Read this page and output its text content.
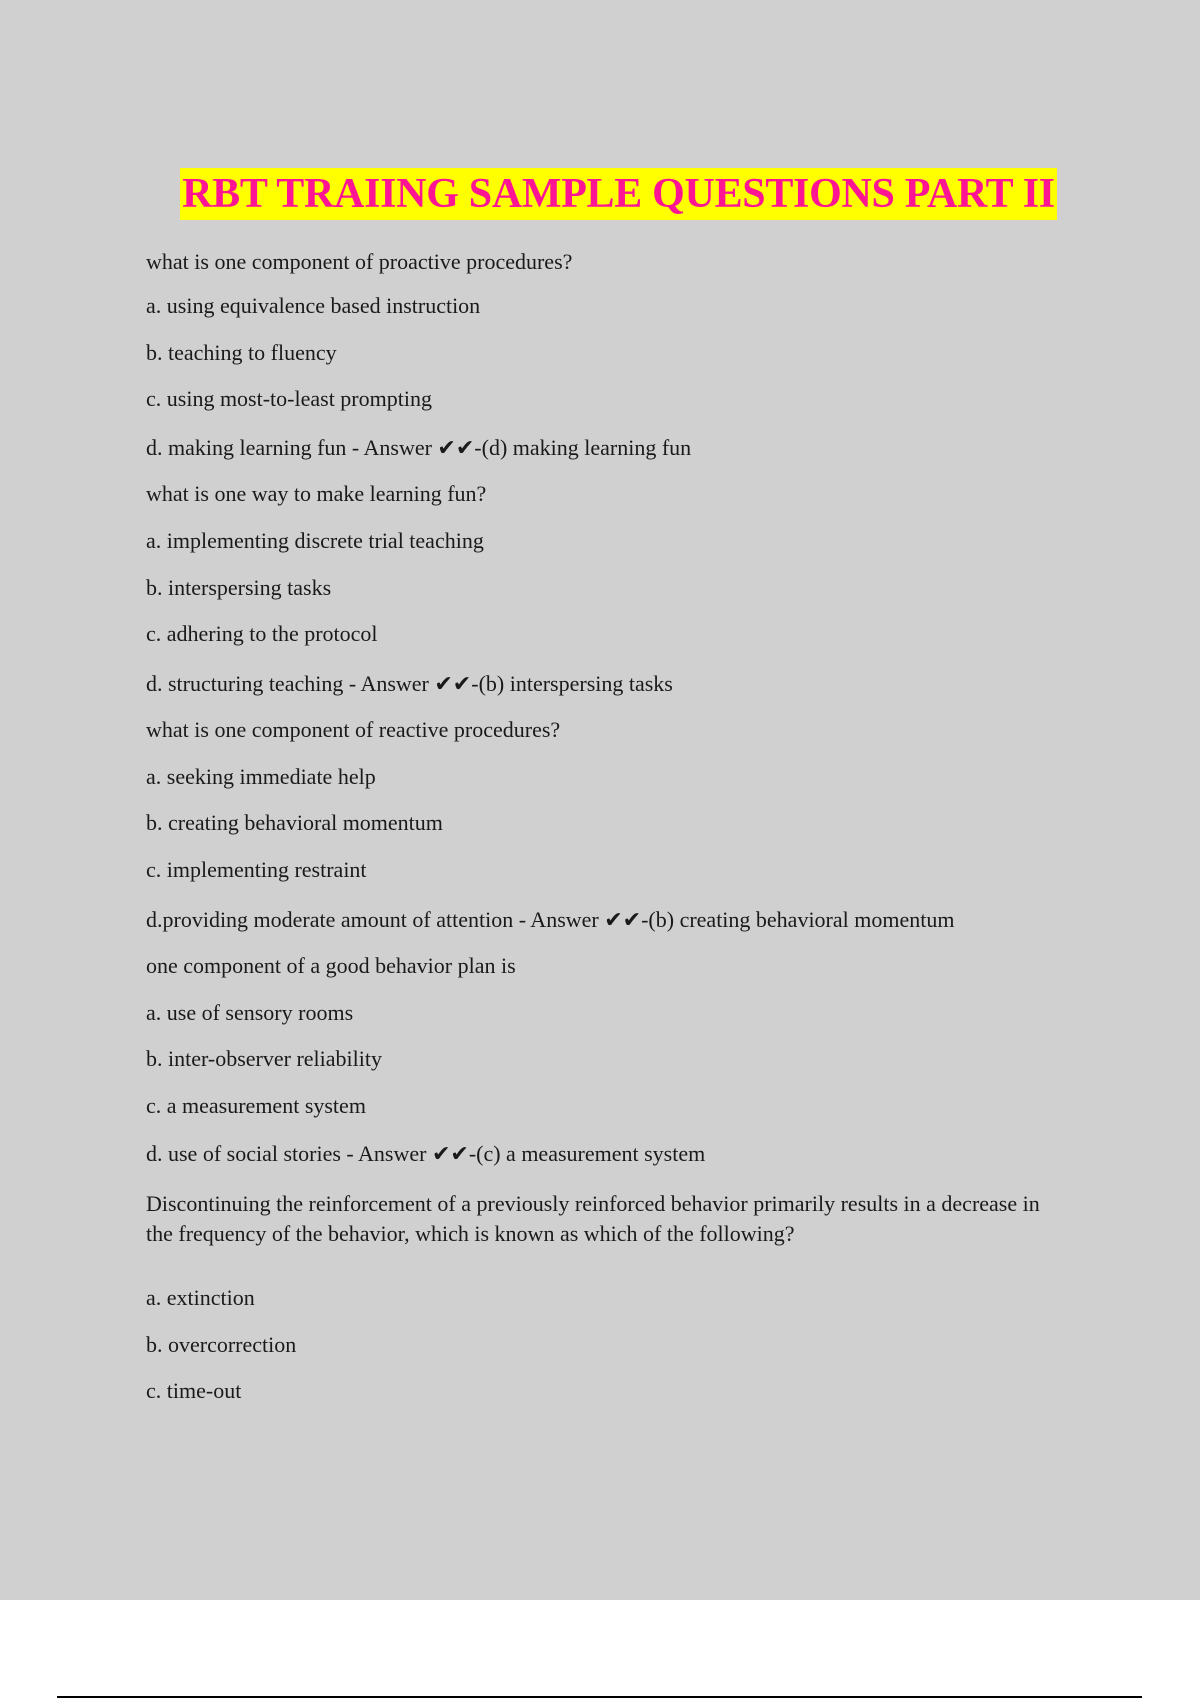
RBT TRAIING SAMPLE QUESTIONS PART II
what is one component of proactive procedures?
a. using equivalence based instruction
b. teaching to fluency
c. using most-to-least prompting
d. making learning fun - Answer ✔✔-(d) making learning fun
what is one way to make learning fun?
a. implementing discrete trial teaching
b. interspersing tasks
c. adhering to the protocol
d. structuring teaching - Answer ✔✔-(b) interspersing tasks
what is one component of reactive procedures?
a. seeking immediate help
b. creating behavioral momentum
c. implementing restraint
d.providing moderate amount of attention - Answer ✔✔-(b) creating behavioral momentum
one component of a good behavior plan is
a. use of sensory rooms
b. inter-observer reliability
c. a measurement system
d. use of social stories - Answer ✔✔-(c) a measurement system
Discontinuing the reinforcement of a previously reinforced behavior primarily results in a decrease in the frequency of the behavior, which is known as which of the following?
a. extinction
b. overcorrection
c. time-out
